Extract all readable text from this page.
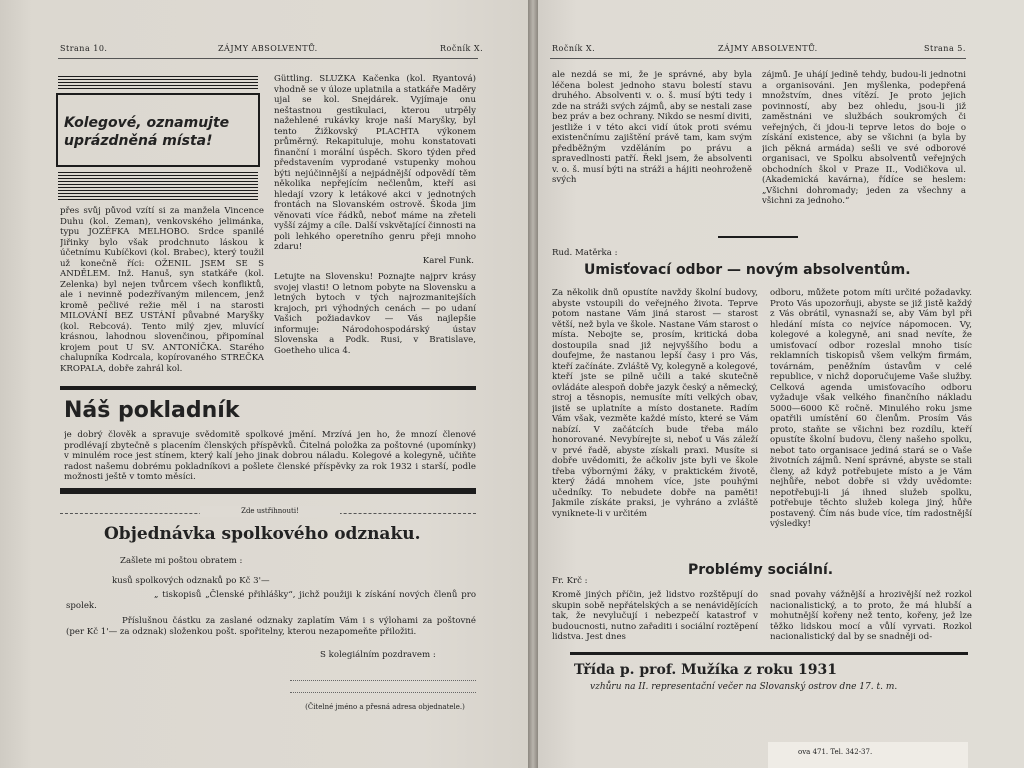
Strana 10.	ZÁJMY ABSOLVENTŮ.	Ročník X.
Kolegové, oznamujte
uprázdněná místa!
přes svůj původ vzítí si za manžela Vincence Duhu (kol. Zeman), venkovského jelimánka, typu JOZÉFKA MELHOBO. Srdce spanilé Jiřinky bylo však prodchnuto láskou k účetnímu Kubíčkovi (kol. Brabec), který toužil už konečně říci: OŽENIL JSEM SE S ANDĚLEM. Inž. Hanuš, syn statkáře (kol. Zelenka) byl nejen tvůrcem všech konfliktů, ale i nevinně podezřívaným milencem, jenž kromě pečlivé režie měl i na starosti MILOVÁNÍ BEZ USTÁNÍ půvabné Maryšky (kol. Rebcová). Tento milý zjev, mluvící krásnou, lahodnou slovenčinou, připomínal krojem pout U SV. ANTONÍČKA. Starého chalupníka Kodrcala, kopírovaného STREČKA KROPALA, dobře zahrál kol.
Güttling. SLUŽKA Kačenka (kol. Ryantová) vhodně se v úloze uplatnila a statkáře Maděry ujal se kol. Snejdárek. Vyjímaje onu neštastnou gestikulaci, kterou utrpěly nažehlené rukávky kroje naší Maryšky, byl tento Žižkovský PLACHTA výkonem průměrný. Rekapituluje, mohu konstatovati finanční i morální úspěch. Skoro týden před představením vyprodané vstupenky mohou býti nejúčinnější a nejpádnější odpovědí těm několika nepřejícím nečlenům, kteří asi hledají vzory k letákové akci v jednotných frontách na Slovanském ostrově. Škoda jim věnovati více řádků, neboť máme na zřeteli vyšší zájmy a cíle. Další vskvětající činnosti na poli lehkého operetního genru přeji mnoho zdaru!
Karel Funk.
Letujte na Slovensku! Poznajte najprv krásy svojej vlasti! O letnom pobyte na Slovensku a letných bytoch v tých najrozmanitejších krajoch, pri výhodných cenách — po udaní Vašich požiadavkov — Vás najlepšie informuje: Národohospodárský ústav Slovenska a Podk. Rusi, v Bratislave, Goetheho ulica 4.
Náš pokladník
je dobrý člověk a spravuje svědomitě spolkové jmění. Mrzívá jen ho, že mnozí členové prodlévají zbytečně s placením členských příspěvků. Čitelná položka za poštovné (upomínky) v minulém roce jest stínem, který kalí jeho jinak dobrou náladu. Kolegové a kolegyně, učiňte radost našemu dobrému pokladníkovi a pošlete členské příspěvky za rok 1932 i starší, podle možnosti ještě v tomto měsíci.
Zde ustřihnouti!
Objednávka spolkového odznaku.
Zašlete mi poštou obratem :
kusů spolkových odznaků po Kč 3'—
„ tiskopisů „Členské přihlášky“, jichž použiji k získání nových členů pro spolek.
Příslušnou částku za zaslané odznaky zaplatím Vám i s výlohami za poštovné (per Kč 1'— za odznak) složenkou pošt. spořitelny, kterou nezapomeňte přiložiti.
S kolegiálním pozdravem :
(Čitelné jméno a přesná adresa objednatele.)
Ročník X.	ZÁJMY ABSOLVENTŮ.	Strana 5.
ale nezdá se mi, že je správné, aby byla léčena bolest jednoho stavu bolestí stavu druhého. Absolventi v. o. š. musí býti tedy i zde na stráži svých zájmů, aby se nestali zase bez práv a bez ochrany. Nikdo se nesmí diviti, jestliže i v této akci vidí útok proti svému existenčnímu zajištění právě tam, kam svým předběžným vzděláním po právu a spravedlnosti patří. Řekl jsem, že absolventi v. o. š. musí býti na stráži a hájiti neohroženě svých
zájmů. Je uhájí jedině tehdy, budou-li jednotni a organisováni. Jen myšlenka, podepřená množstvím, dnes vítězí. Je proto jejich povinností, aby bez ohledu, jsou-li již zaměstnáni ve službách soukromých či veřejných, či jdou-li teprve letos do boje o získání existence, aby se všichni (a byla by jich pěkná armáda) sešli ve své odborové organisaci, ve Spolku absolventů veřejných obchodních škol v Praze II., Vodičkova ul. (Akademická kavárna), řídíce se heslem: „Všichni dohromady; jeden za všechny a všichni za jednoho.“
Rud. Matěrka :
Umisťovací odbor — novým absolventům.
Za několik dnů opustíte navždy školní budovy, abyste vstoupili do veřejného života. Teprve potom nastane Vám jiná starost — starost větší, než byla ve škole. Nastane Vám starost o místa. Nebojte se, prosím, kritická doba dostoupila snad již nejvyššího bodu a doufejme, že nastanou lepší časy i pro Vás, kteří začínáte. Zvláště Vy, kolegyně a kolegové, kteří jste se pilně učili a také skutečně ovládáte alespoň dobře jazyk český a německý, stroj a těsnopis, nemusíte míti velkých obav, jistě se uplatníte a místo dostanete. Radím Vám však, vezměte každé místo, které se Vám nabízí. V začátcích bude třeba málo honorované. Nevybírejte si, neboť u Vás záleží v prvé řadě, abyste získali praxi. Musíte si dobře uvědomiti, že ačkoliv jste byli ve škole třeba výbornými žáky, v praktickém životě, který žádá mnohem více, jste pouhými učedníky. To nebudete dobře na paměti! Jakmile získáte praksi, je vyhráno a zvláště vyniknete-li v určitém
odboru, můžete potom míti určité požadavky. Proto Vás upozorňuji, abyste se již jistě každý z Vás obrátil, vynasnaží se, aby Vám byl při hledání místa co nejvíce nápomocen. Vy, kolegové a kolegyně, ani snad nevíte, že umisťovací odbor rozeslal mnoho tisíc reklamních tiskopisů všem velkým firmám, továrnám, peněžním ústavům v celé republice, v nichž doporučujeme Vaše služby. Celková agenda umisťovacího odboru vyžaduje však velkého finančního nákladu 5000—6000 Kč ročně. Minulého roku jsme opatřili umístění 60 členům. Prosím Vás proto, staňte se všichni bez rozdílu, kteří opustíte školní budovu, členy našeho spolku, nebot tato organisace jediná stará se o Vaše životních zájmů. Není správné, abyste se stali členy, až když potřebujete místo a je Vám nejhůře, nebot dobře si vždy uvědomte: nepotřebuji-li já ihned služeb spolku, potřebuje těchto služeb kolega jiný, hůře postavený. Čím nás bude více, tím radostnější výsledky!
Fr. Krč :
Problémy sociální.
Kromě jiných příčin, jež lidstvo rozštěpují do skupin sobě nepřátelských a se nenávidějících tak, že nevylučují i nebezpečí katastrof v budoucnosti, nutno zařaditi i sociální roztěpení lidstva. Jest dnes
snad povahy vážnější a hrozivější než rozkol nacionalistický, a to proto, že má hlubší a mohutnější kořeny než tento, kořeny, jež lze těžko lidskou mocí a vůlí vyrvati. Rozkol nacionalistický dal by se snadněji od-
Třída p. prof. Mužíka z roku 1931
vzhůru na II. representační večer na Slovanský ostrov dne 17. t. m.
ova 471. Tel. 342-37.
